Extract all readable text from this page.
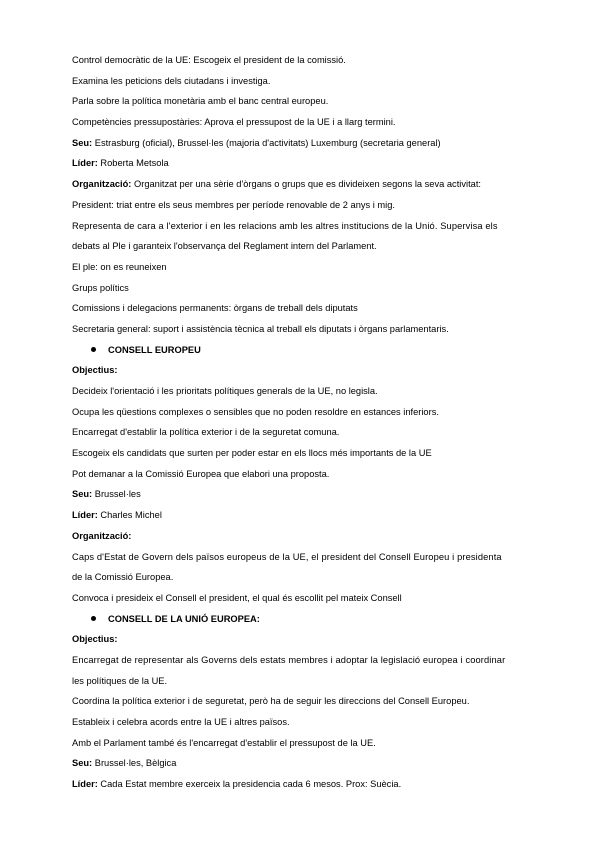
Control democràtic de la UE: Escogeix el president de la comissió.
Examina les peticions dels ciutadans i investiga.
Parla sobre la política monetària amb el banc central europeu.
Competències pressupostàries: Aprova el pressupost de la UE i a llarg termini.
Seu: Estrasburg (oficial), Brussel·les (majoria d'activitats) Luxemburg (secretaria general)
Líder: Roberta Metsola
Organització: Organitzat per una sèrie d'òrgans o grups que es divideixen segons la seva activitat:
President: triat entre els seus membres per període renovable de 2 anys i mig.
Representa de cara a l'exterior i en les relacions amb les altres institucions de la Unió. Supervisa els
debats al Ple i garanteix l'observança del Reglament intern del Parlament.
El ple: on es reuneixen
Grups polítics
Comissions i delegacions permanents: òrgans de treball dels diputats
Secretaria general: suport i assistència tècnica al treball els diputats i òrgans parlamentaris.
CONSELL EUROPEU
Objectius:
Decideix l'orientació i les prioritats polítiques generals de la UE, no legisla.
Ocupa les qüestions complexes o sensibles que no poden resoldre en estances inferiors.
Encarregat d'establir la política exterior i de la seguretat comuna.
Escogeix els candidats que surten per poder estar en els llocs més importants de la UE
Pot demanar a la Comissió Europea que elabori una proposta.
Seu: Brussel·les
Líder: Charles Michel
Organització:
Caps d'Estat de Govern dels països europeus de la UE, el president del Consell Europeu i presidenta
de la Comissió Europea.
Convoca i presideix el Consell el president, el qual és escollit pel mateix Consell
CONSELL DE LA UNIÓ EUROPEA:
Objectius:
Encarregat de representar als Governs dels estats membres i adoptar la legislació europea i coordinar
les polítiques de la UE.
Coordina la política exterior i de seguretat, però ha de seguir les direccions del Consell Europeu.
Estableix i celebra acords entre la UE i altres països.
Amb el Parlament també és l'encarregat d'establir el pressupost de la UE.
Seu: Brussel·les, Bèlgica
Líder: Cada Estat membre exerceix la presidencia cada 6 mesos. Prox: Suècia.
